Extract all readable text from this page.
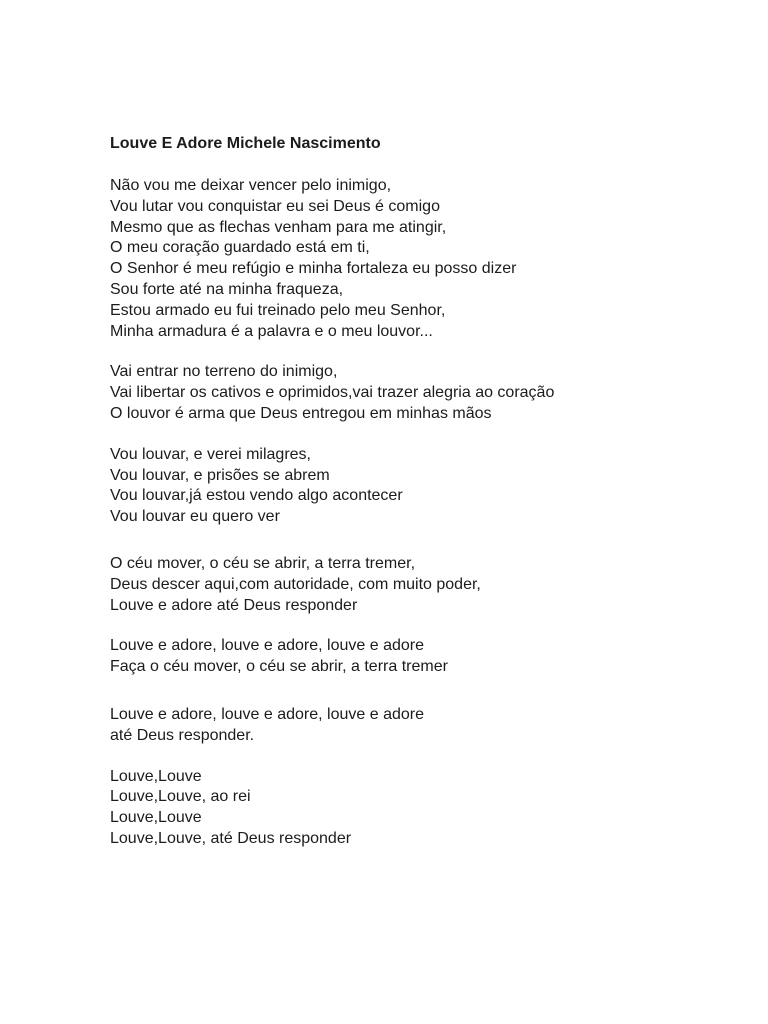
Louve E Adore Michele Nascimento
Não vou me deixar vencer pelo inimigo,
Vou lutar vou conquistar eu sei Deus é comigo
Mesmo que as flechas venham para me atingir,
O meu coração guardado está em ti,
O Senhor é meu refúgio e minha fortaleza eu posso dizer
Sou forte até na minha fraqueza,
Estou armado eu fui treinado pelo meu Senhor,
Minha armadura é a palavra e o meu louvor...
Vai entrar no terreno do inimigo,
Vai libertar os cativos e oprimidos,vai trazer alegria ao coração
O louvor é arma que Deus entregou em minhas mãos
Vou louvar, e verei milagres,
Vou louvar, e prisões se abrem
Vou louvar,já estou vendo algo acontecer
Vou louvar eu quero ver
O céu mover, o céu se abrir, a terra tremer,
Deus descer aqui,com autoridade, com muito poder,
Louve e adore até Deus responder
Louve e adore, louve e adore, louve e adore
Faça o céu mover, o céu se abrir, a terra tremer
Louve e adore, louve e adore, louve e adore
até Deus responder.
Louve,Louve
Louve,Louve, ao rei
Louve,Louve
Louve,Louve, até Deus responder
